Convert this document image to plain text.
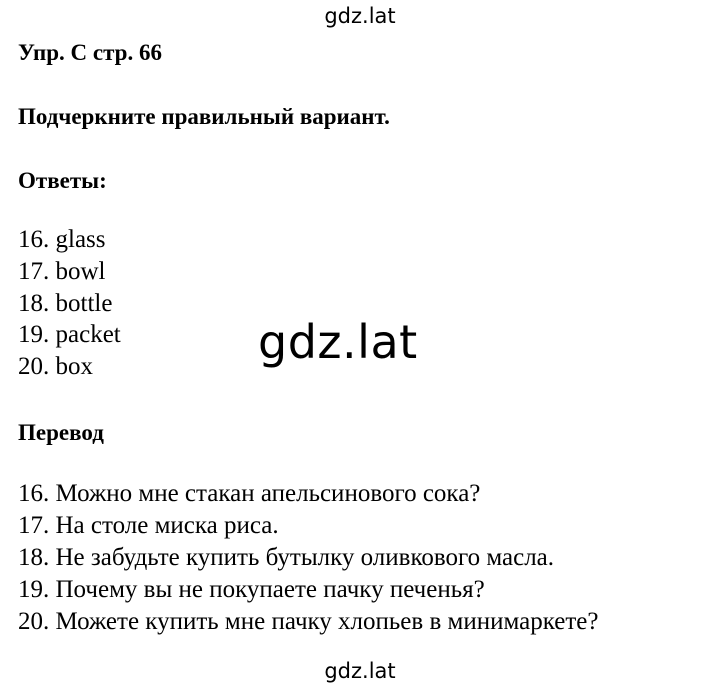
gdz.lat
Упр. C стр. 66
Подчеркните правильный вариант.
Ответы:
16. glass
17. bowl
18. bottle
19. packet
20. box
Перевод
16. Можно мне стакан апельсинового сока?
17. На столе миска риса.
18. Не забудьте купить бутылку оливкового масла.
19. Почему вы не покупаете пачку печенья?
20. Можете купить мне пачку хлопьев в минимаркете?
gdz.lat
gdz.lat
